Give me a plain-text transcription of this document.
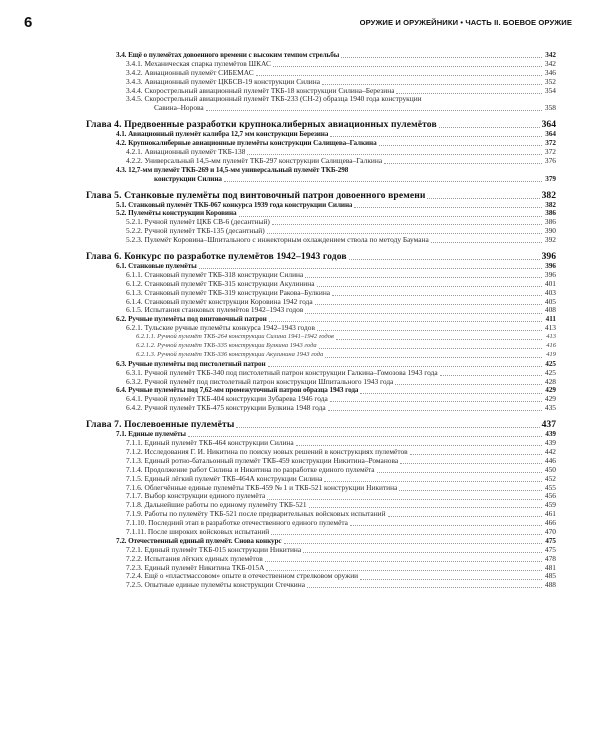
6	ОРУЖИЕ И ОРУЖЕЙНИКИ • ЧАСТЬ II. БОЕВОЕ ОРУЖИЕ
3.4. Ещё о пулемётах довоенного времени с высоким темпом стрельбы	342
3.4.1. Механическая спарка пулемётов ШКАС	342
3.4.2. Авиационный пулемёт СИБЕМАС	346
3.4.3. Авиационный пулемёт ЦКБСВ-19 конструкции Силина	352
3.4.4. Скорострельный авиационный пулемёт ТКБ-18 конструкции Силина–Березина	354
3.4.5. Скорострельный авиационный пулемёт ТКБ-233 (СН-2) образца 1940 года конструкции
Савина–Норова	358
Глава 4. Предвоенные разработки крупнокалиберных авиационных пулемётов	364
4.1. Авиационный пулемёт калибра 12,7 мм конструкции Березина	364
4.2. Крупнокалиберные авиационные пулемёты конструкции Салищева–Галкина	372
4.2.1. Авиационный пулемёт ТКБ-138	372
4.2.2. Универсальный 14,5-мм пулемёт ТКБ-297 конструкции Салищева–Галкина	376
4.3. 12,7-мм пулемёт ТКБ-269 и 14,5-мм универсальный пулемёт ТКБ-298
конструкции Силина	379
Глава 5. Станковые пулемёты под винтовочный патрон довоенного времени	382
5.1. Станковый пулемёт ТКБ-067 конкурса 1939 года конструкции Силина	382
5.2. Пулемёты конструкции Коровина	386
5.2.1. Ручной пулемёт ЦКБ СВ-6 (десантный)	386
5.2.2. Ручной пулемёт ТКБ-135 (десантный)	390
5.2.3. Пулемёт Коровина–Шпитального с инжекторным охлаждением ствола по методу Баумана	392
Глава 6. Конкурс по разработке пулемётов 1942–1943 годов	396
6.1. Станковые пулемёты	396
6.1.1. Станковый пулемёт ТКБ-318 конструкции Силина	396
6.1.2. Станковый пулемёт ТКБ-315 конструкции Акулинина	401
6.1.3. Станковый пулемёт ТКБ-319 конструкции Ракова–Булкина	403
6.1.4. Станковый пулемёт конструкции Коровина 1942 года	405
6.1.5. Испытания станковых пулемётов 1942–1943 годов	408
6.2. Ручные пулемёты под винтовочный патрон	411
6.2.1. Тульские ручные пулемёты конкурса 1942–1943 годов	413
6.2.1.1. Ручной пулемёт ТКБ-264 конструкции Силина 1941–1942 годов	413
6.2.1.2. Ручной пулемёт ТКБ-335 конструкции Булкина 1943 года	416
6.2.1.3. Ручной пулемёт ТКБ-336 конструкции Акулинина 1943 года	419
6.3. Ручные пулемёты под пистолетный патрон	425
6.3.1. Ручной пулемёт ТКБ-340 под пистолетный патрон конструкции Галкина–Гомозова 1943 года	425
6.3.2. Ручной пулемёт под пистолетный патрон конструкции Шпитального 1943 года	428
6.4. Ручные пулемёты под 7,62-мм промежуточный патрон образца 1943 года	429
6.4.1. Ручной пулемёт ТКБ-404 конструкции Зубарева 1946 года	429
6.4.2. Ручной пулемёт ТКБ-475 конструкции Булкина 1948 года	435
Глава 7. Послевоенные пулемёты	437
7.1. Единые пулемёты	439
7.1.1. Единый пулемёт ТКБ-464 конструкции Силина	439
7.1.2. Исследования Г. И. Никитина по поиску новых решений в конструкциях пулемётов	442
7.1.3. Единый ротно-батальонный пулемёт ТКБ-459 конструкции Никитина–Романова	446
7.1.4. Продолжение работ Силина и Никитина по разработке единого пулемёта	450
7.1.5. Единый лёгкий пулемёт ТКБ-464А конструкции Силина	452
7.1.6. Облегчённые единые пулемёты ТКБ-459 № 1 и ТКБ-521 конструкции Никитина	455
7.1.7. Выбор конструкции единого пулемёта	456
7.1.8. Дальнейшие работы по единому пулемёту ТКБ-521	459
7.1.9. Работы по пулемёту ТКБ-521 после предварительных войсковых испытаний	461
7.1.10. Последний этап в разработке отечественного единого пулемёта	466
7.1.11. После широких войсковых испытаний	470
7.2. Отечественный единый пулемёт. Снова конкурс	475
7.2.1. Единый пулемёт ТКБ-015 конструкции Никитина	475
7.2.2. Испытания лёгких единых пулемётов	478
7.2.3. Единый пулемёт Никитина ТКБ-015А	481
7.2.4. Ещё о «пластмассовом» опыте в отечественном стрелковом оружии	485
7.2.5. Опытные единые пулемёты конструкции Стечкина	488
